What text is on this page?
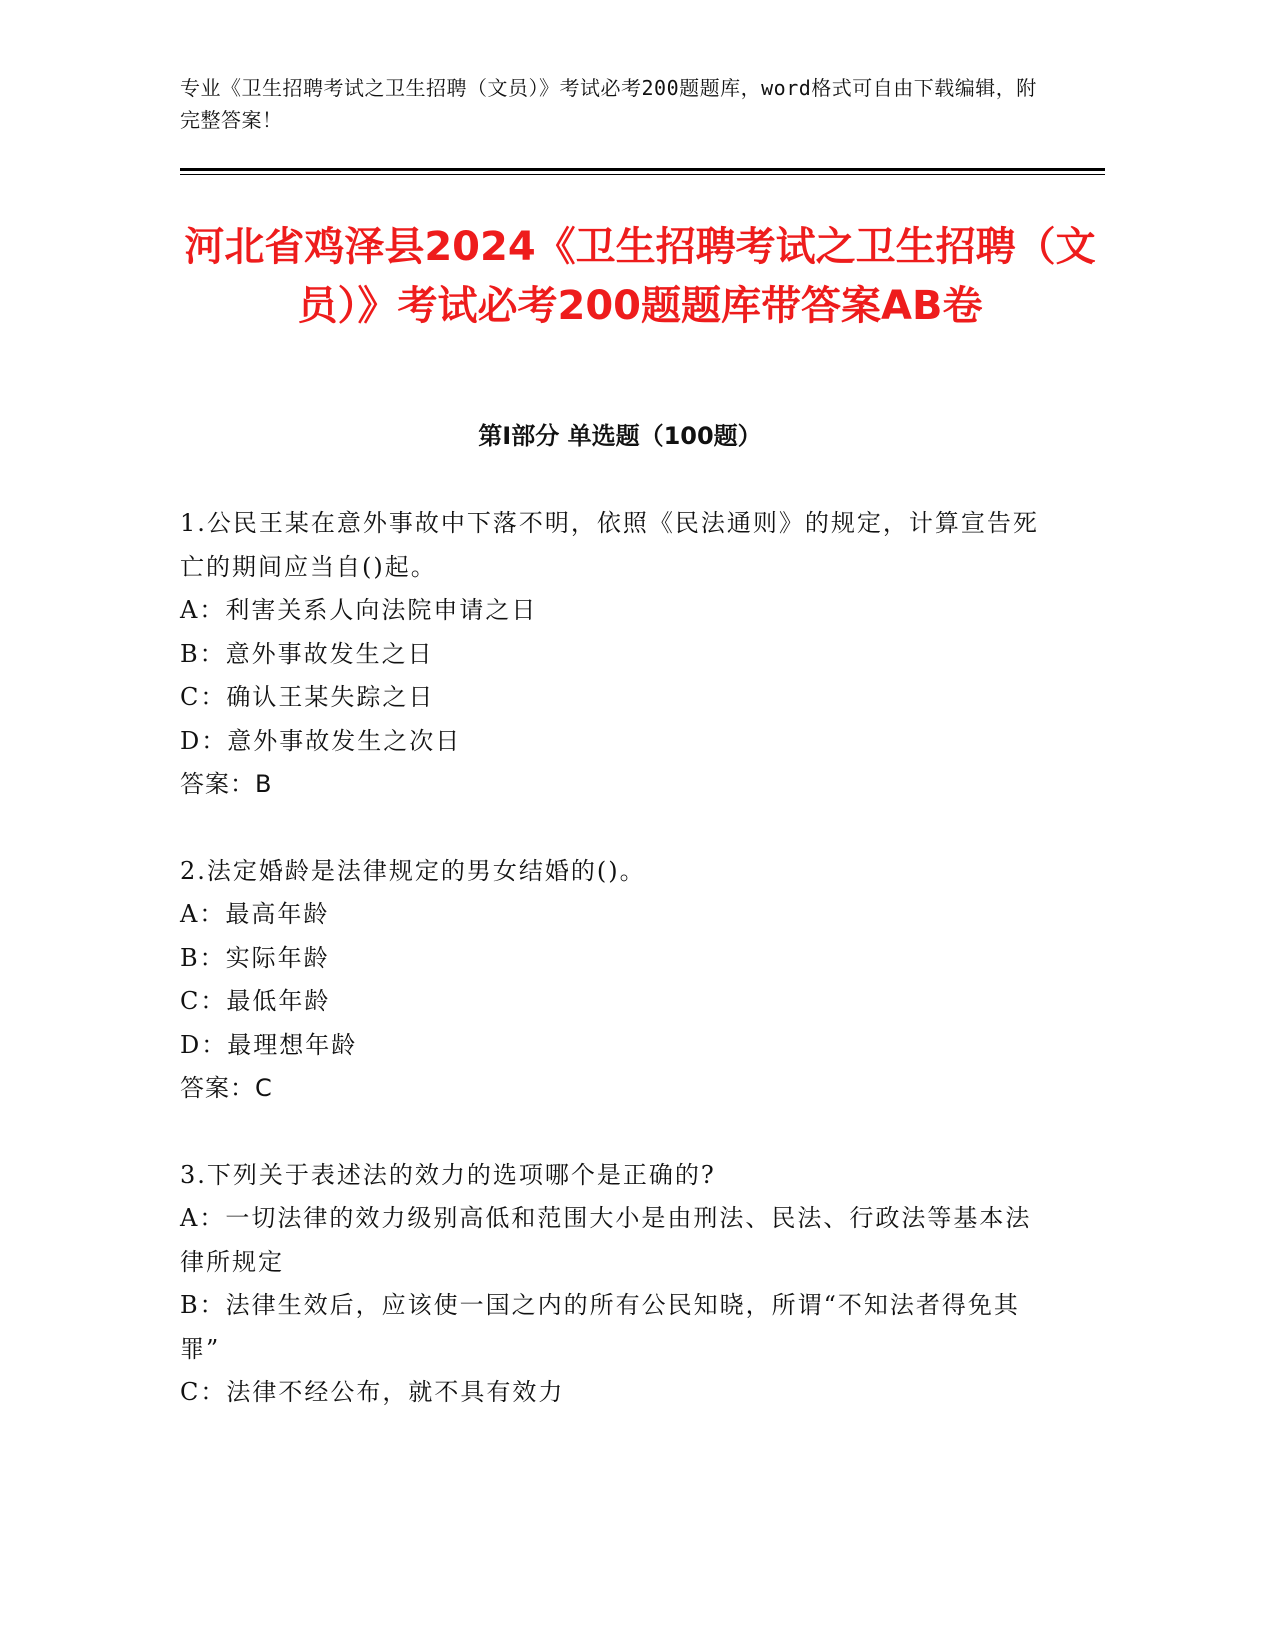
专业《卫生招聘考试之卫生招聘（文员）》考试必考200题题库，word格式可自由下载编辑，附完整答案！
河北省鸡泽县2024《卫生招聘考试之卫生招聘（文员）》考试必考200题题库带答案AB卷
第Ⅰ部分 单选题（100题）

1.公民王某在意外事故中下落不明，依照《民法通则》的规定，计算宣告死亡的期间应当自()起。

A：利害关系人向法院申请之日

B：意外事故发生之日

C：确认王某失踪之日

D：意外事故发生之次日

答案：B

2.法定婚龄是法律规定的男女结婚的()。

A：最高年龄

B：实际年龄

C：最低年龄

D：最理想年龄

答案：C

3.下列关于表述法的效力的选项哪个是正确的?

A：一切法律的效力级别高低和范围大小是由刑法、民法、行政法等基本法律所规定

B：法律生效后，应该使一国之内的所有公民知晓，所谓“不知法者得免其罪”

C：法律不经公布，就不具有效力
